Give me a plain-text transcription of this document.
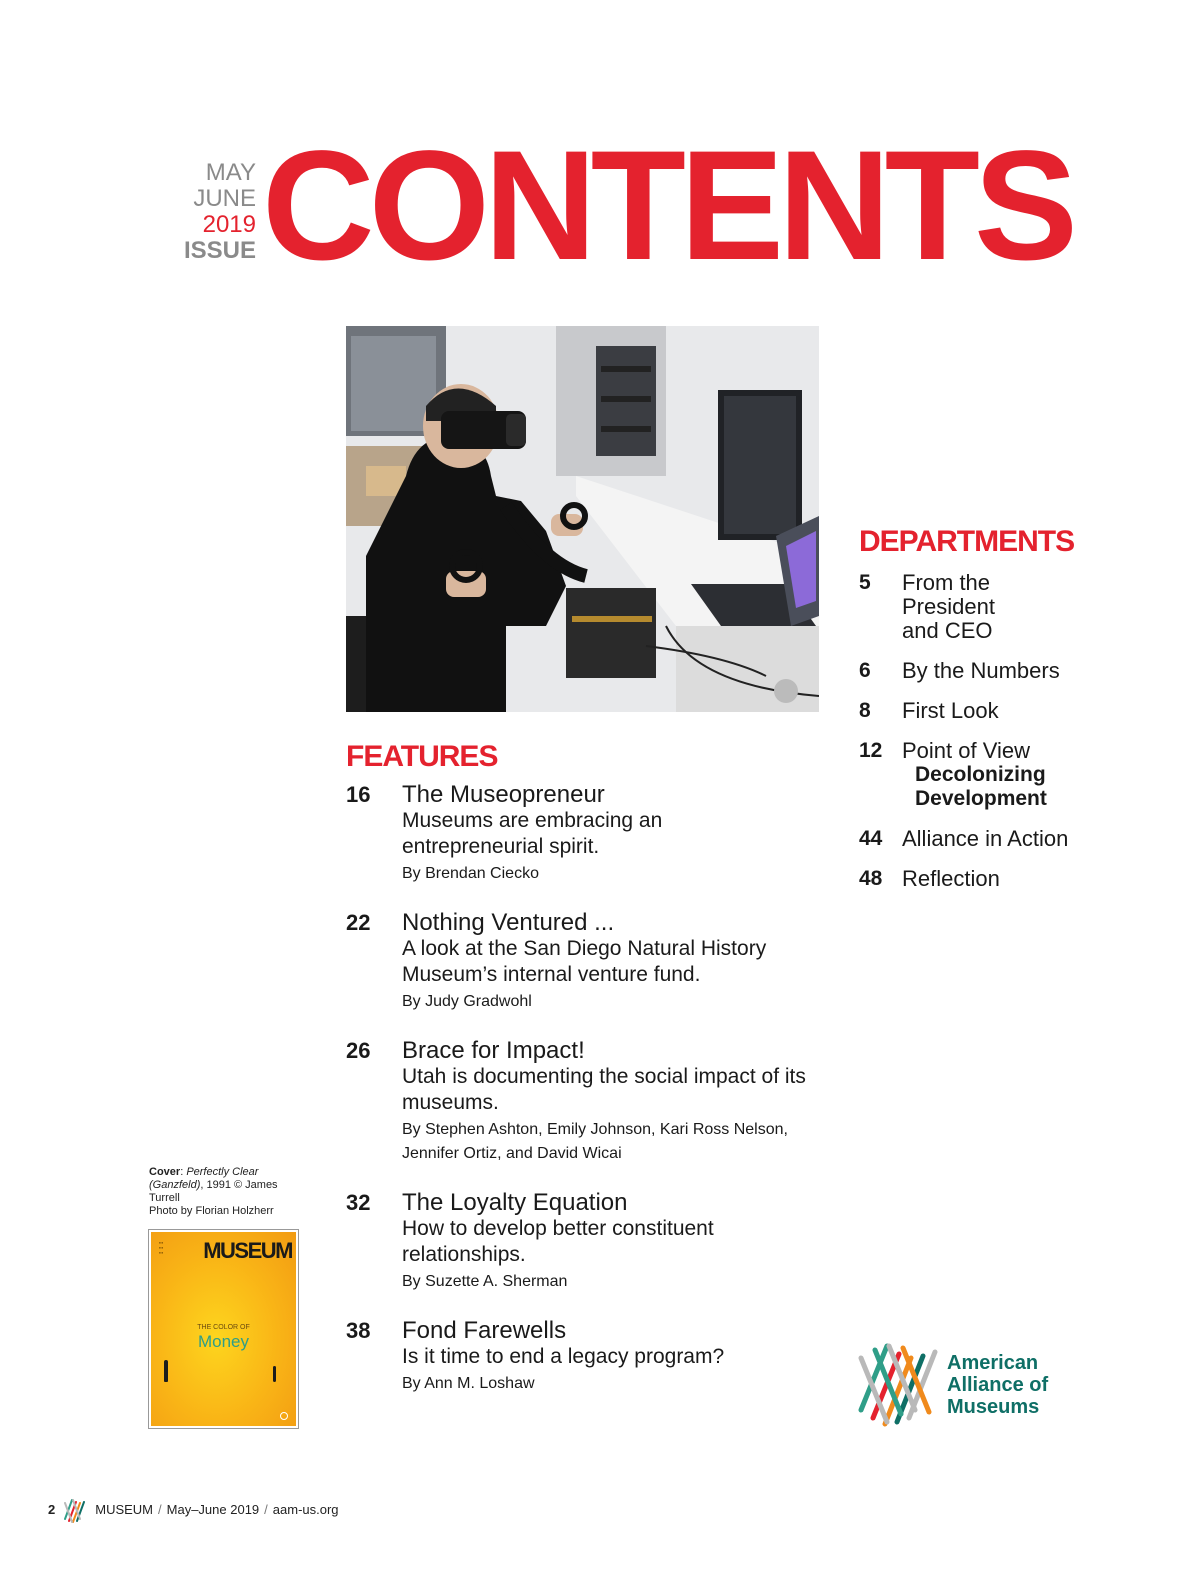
MAY
JUNE
2019
ISSUE CONTENTS
FEATURES
16	The Museopreneur
Museums are embracing an entrepreneurial spirit.
By Brendan Ciecko
22	Nothing Ventured ...
A look at the San Diego Natural History Museum’s internal venture fund.
By Judy Gradwohl
26	Brace for Impact!
Utah is documenting the social impact of its museums.
By Stephen Ashton, Emily Johnson, Kari Ross Nelson, Jennifer Ortiz, and David Wicai
32	The Loyalty Equation
How to develop better constituent relationships.
By Suzette A. Sherman
38	Fond Farewells
Is it time to end a legacy program?
By Ann M. Loshaw
DEPARTMENTS
5	From the
President
and CEO
6	By the Numbers
8	First Look
12 Point of View
Decolonizing
Development
44 Alliance in Action
48 Reflection
Cover: Perfectly Clear (Ganzfeld), 1991 © James Turrell
Photo by Florian Holzherr
▪▪▪
▪▪▪
▪▪▪	MUSEUM
THE COLOR OF
Money
American
Alliance of
Museums
2	MUSEUM / May–June 2019 / aam-us.org
